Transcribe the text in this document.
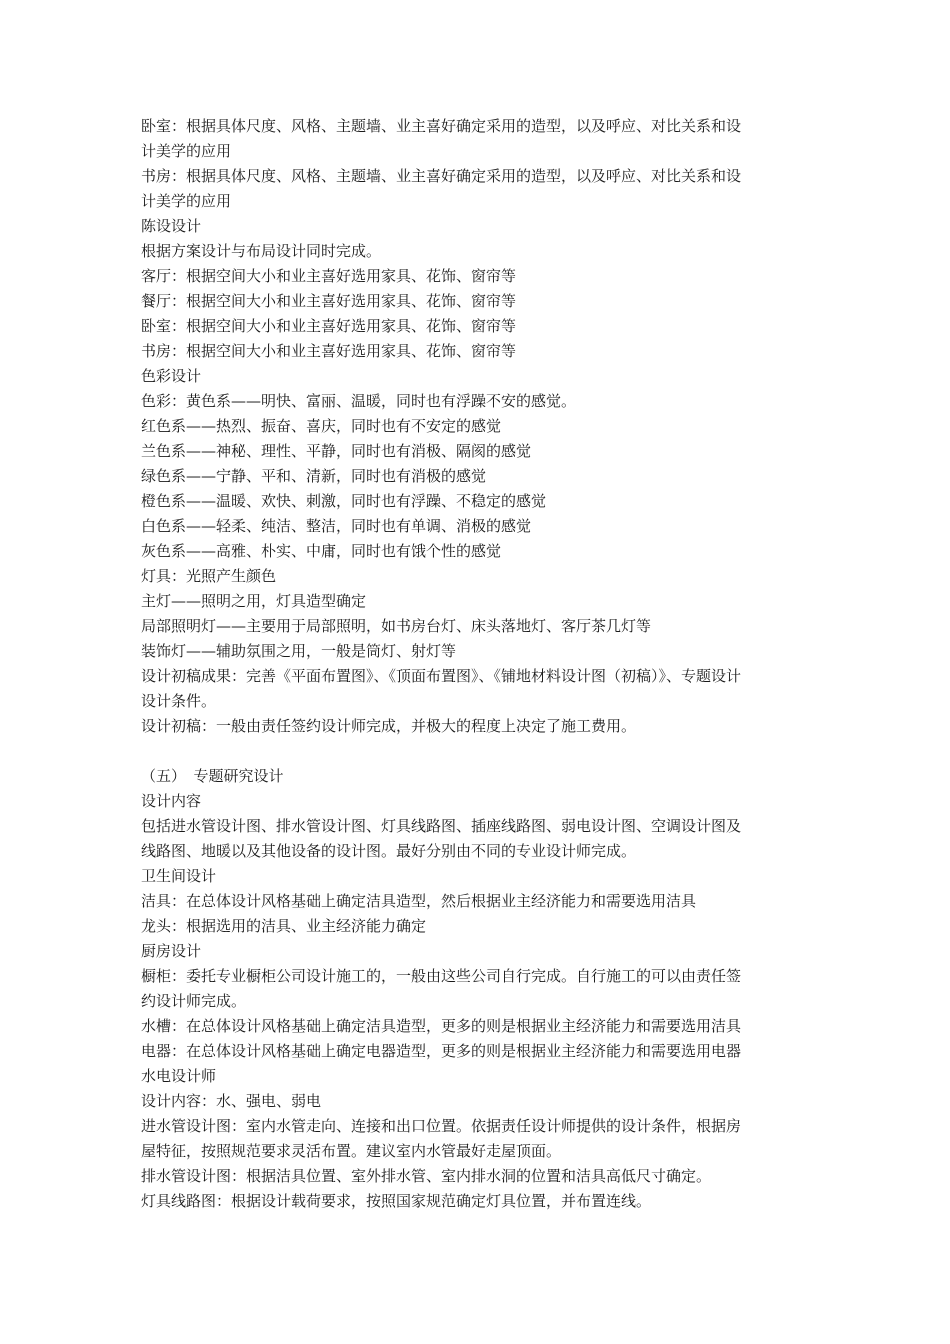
卧室：根据具体尺度、风格、主题墙、业主喜好确定采用的造型，以及呼应、对比关系和设
计美学的应用
书房：根据具体尺度、风格、主题墙、业主喜好确定采用的造型，以及呼应、对比关系和设
计美学的应用
陈设设计
根据方案设计与布局设计同时完成。
客厅：根据空间大小和业主喜好选用家具、花饰、窗帘等
餐厅：根据空间大小和业主喜好选用家具、花饰、窗帘等
卧室：根据空间大小和业主喜好选用家具、花饰、窗帘等
书房：根据空间大小和业主喜好选用家具、花饰、窗帘等
色彩设计
色彩：黄色系——明快、富丽、温暖，同时也有浮躁不安的感觉。
红色系——热烈、振奋、喜庆，同时也有不安定的感觉
兰色系——神秘、理性、平静，同时也有消极、隔阂的感觉
绿色系——宁静、平和、清新，同时也有消极的感觉
橙色系——温暖、欢快、刺激，同时也有浮躁、不稳定的感觉
白色系——轻柔、纯洁、整洁，同时也有单调、消极的感觉
灰色系——高雅、朴实、中庸，同时也有饿个性的感觉
灯具：光照产生颜色
主灯——照明之用，灯具造型确定
局部照明灯——主要用于局部照明，如书房台灯、床头落地灯、客厅茶几灯等
装饰灯——辅助氛围之用，一般是筒灯、射灯等
设计初稿成果：完善《平面布置图》、《顶面布置图》、《铺地材料设计图（初稿）》、专题设计
设计条件。
设计初稿：一般由责任签约设计师完成，并极大的程度上决定了施工费用。
（五）　专题研究设计
设计内容
包括进水管设计图、排水管设计图、灯具线路图、插座线路图、弱电设计图、空调设计图及
线路图、地暖以及其他设备的设计图。最好分别由不同的专业设计师完成。
卫生间设计
洁具：在总体设计风格基础上确定洁具造型，然后根据业主经济能力和需要选用洁具
龙头：根据选用的洁具、业主经济能力确定
厨房设计
橱柜：委托专业橱柜公司设计施工的，一般由这些公司自行完成。自行施工的可以由责任签
约设计师完成。
水槽：在总体设计风格基础上确定洁具造型，更多的则是根据业主经济能力和需要选用洁具
电器：在总体设计风格基础上确定电器造型，更多的则是根据业主经济能力和需要选用电器
水电设计师
设计内容：水、强电、弱电
进水管设计图：室内水管走向、连接和出口位置。依据责任设计师提供的设计条件，根据房
屋特征，按照规范要求灵活布置。建议室内水管最好走屋顶面。
排水管设计图：根据洁具位置、室外排水管、室内排水洞的位置和洁具高低尺寸确定。
灯具线路图：根据设计载荷要求，按照国家规范确定灯具位置，并布置连线。
